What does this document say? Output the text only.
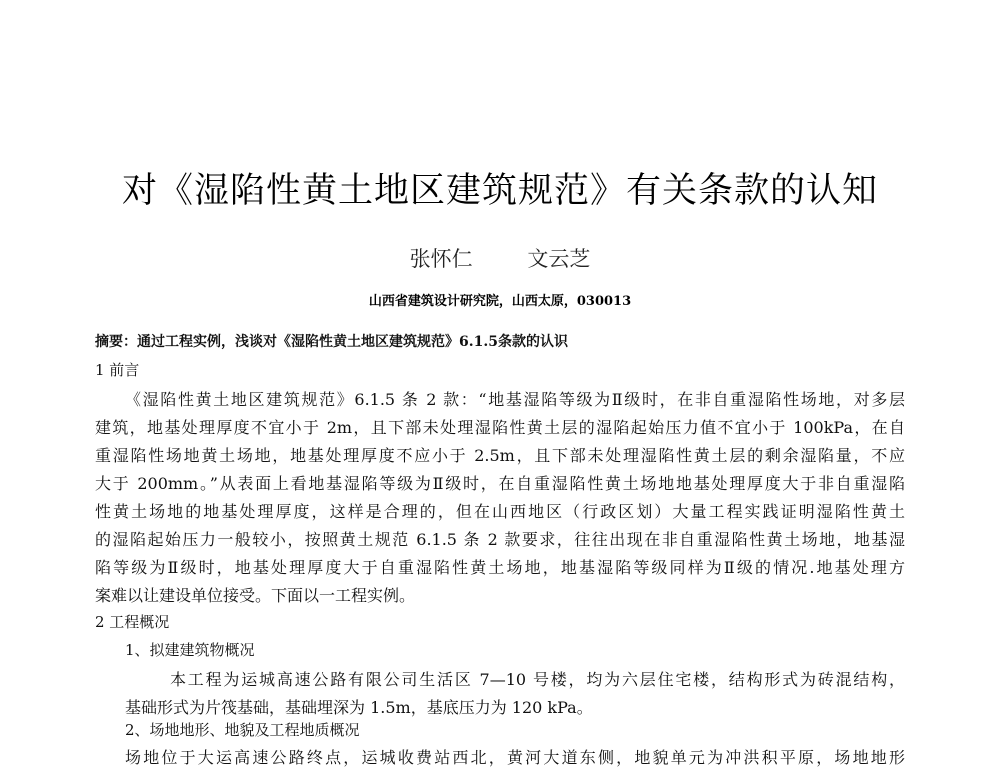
对《湿陷性黄土地区建筑规范》有关条款的认知
张怀仁	文云芝
山西省建筑设计研究院，山西太原，030013
摘要：通过工程实例，浅谈对《湿陷性黄土地区建筑规范》6.1.5条款的认识
1 前言
《湿陷性黄土地区建筑规范》6.1.5 条 2 款：“地基湿陷等级为Ⅱ级时，在非自重湿陷性场地，对多层
建筑，地基处理厚度不宜小于 2m，且下部未处理湿陷性黄土层的湿陷起始压力值不宜小于 100kPa，在自
重湿陷性场地黄土场地，地基处理厚度不应小于 2.5m，且下部未处理湿陷性黄土层的剩余湿陷量，不应
大于 200mm。”从表面上看地基湿陷等级为Ⅱ级时，在自重湿陷性黄土场地地基处理厚度大于非自重湿陷
性黄土场地的地基处理厚度，这样是合理的，但在山西地区（行政区划）大量工程实践证明湿陷性黄土
的湿陷起始压力一般较小，按照黄土规范 6.1.5 条 2 款要求，往往出现在非自重湿陷性黄土场地，地基湿
陷等级为Ⅱ级时，地基处理厚度大于自重湿陷性黄土场地，地基湿陷等级同样为Ⅱ级的情况.地基处理方
案难以让建设单位接受。下面以一工程实例。
2 工程概况
1、拟建建筑物概况
本工程为运城高速公路有限公司生活区 7—10 号楼，均为六层住宅楼，结构形式为砖混结构，
基础形式为片筏基础，基础埋深为 1.5m，基底压力为 120 kPa。
2、场地地形、地貌及工程地质概况
场地位于大运高速公路终点，运城收费站西北，黄河大道东侧，地貌单元为冲洪积平原，场地地形
